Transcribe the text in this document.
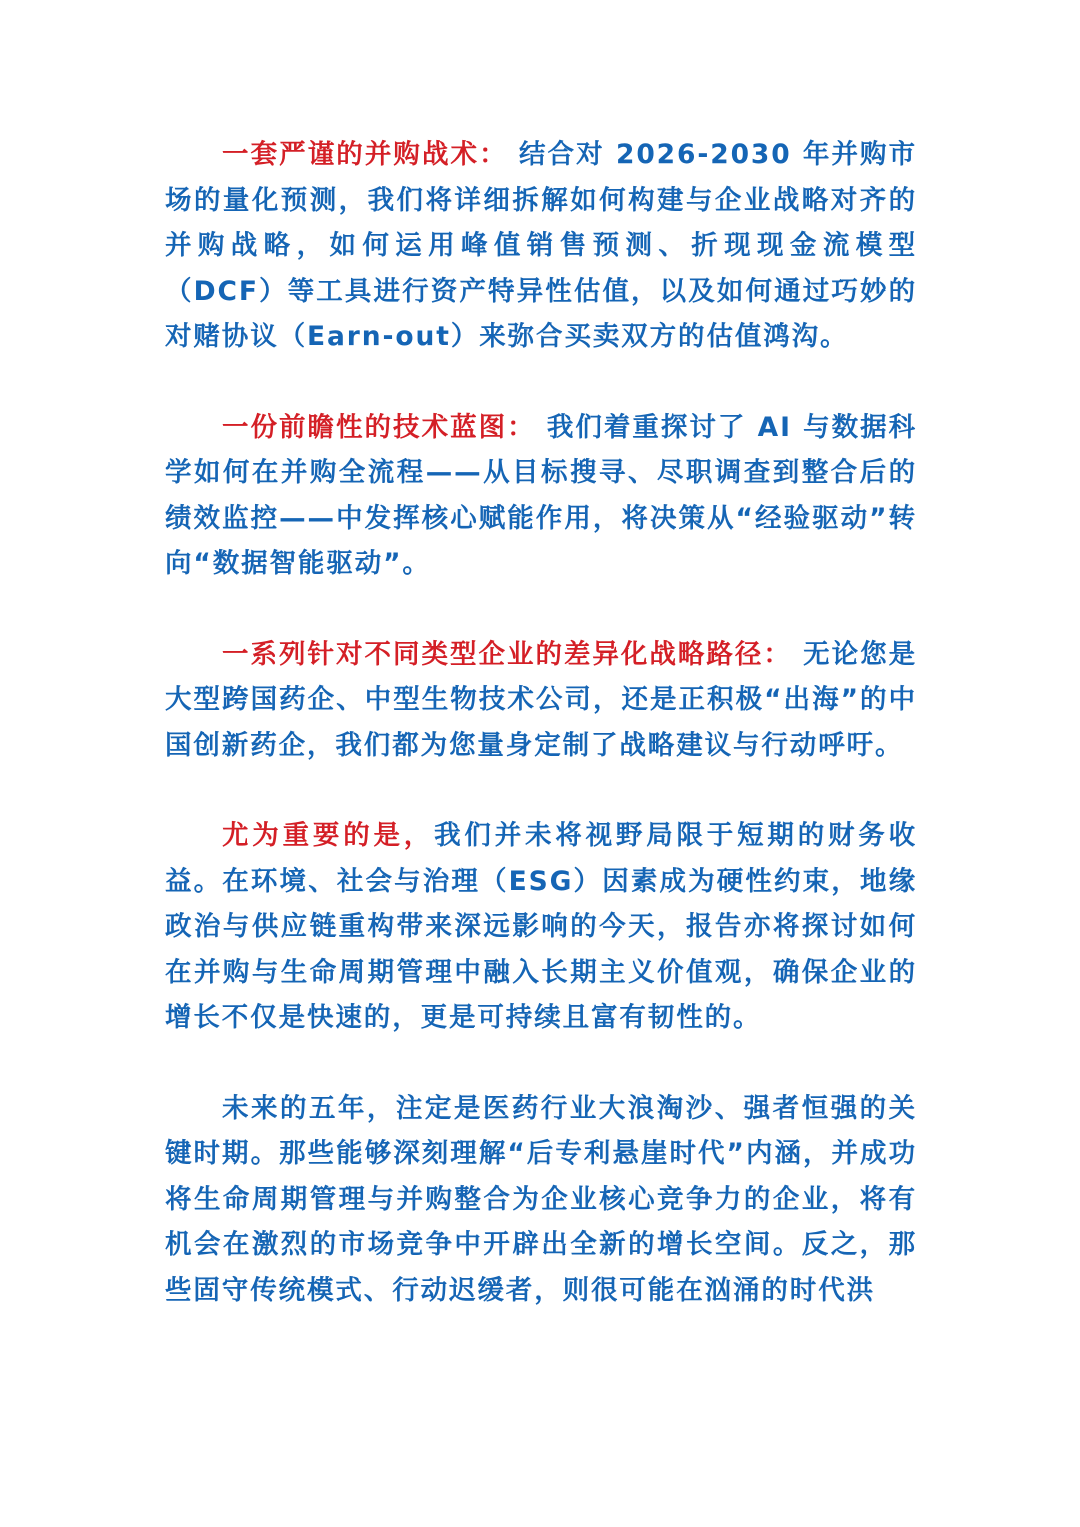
一套严谨的并购战术： 结合对 2026-2030 年并购市场的量化预测，我们将详细拆解如何构建与企业战略对齐的并购战略，如何运用峰值销售预测、折现现金流模型（DCF）等工具进行资产特异性估值，以及如何通过巧妙的对赌协议（Earn-out）来弥合买卖双方的估值鸿沟。

一份前瞻性的技术蓝图： 我们着重探讨了 AI 与数据科学如何在并购全流程——从目标搜寻、尽职调查到整合后的绩效监控——中发挥核心赋能作用，将决策从“经验驱动”转向“数据智能驱动”。

一系列针对不同类型企业的差异化战略路径： 无论您是大型跨国药企、中型生物技术公司，还是正积极“出海”的中国创新药企，我们都为您量身定制了战略建议与行动呼吁。

尤为重要的是，我们并未将视野局限于短期的财务收益。在环境、社会与治理（ESG）因素成为硬性约束，地缘政治与供应链重构带来深远影响的今天，报告亦将探讨如何在并购与生命周期管理中融入长期主义价值观，确保企业的增长不仅是快速的，更是可持续且富有韧性的。

未来的五年，注定是医药行业大浪淘沙、强者恒强的关键时期。那些能够深刻理解“后专利悬崖时代”内涵，并成功将生命周期管理与并购整合为企业核心竞争力的企业，将有机会在激烈的市场竞争中开辟出全新的增长空间。反之，那些固守传统模式、行动迟缓者，则很可能在汹涌的时代洪
